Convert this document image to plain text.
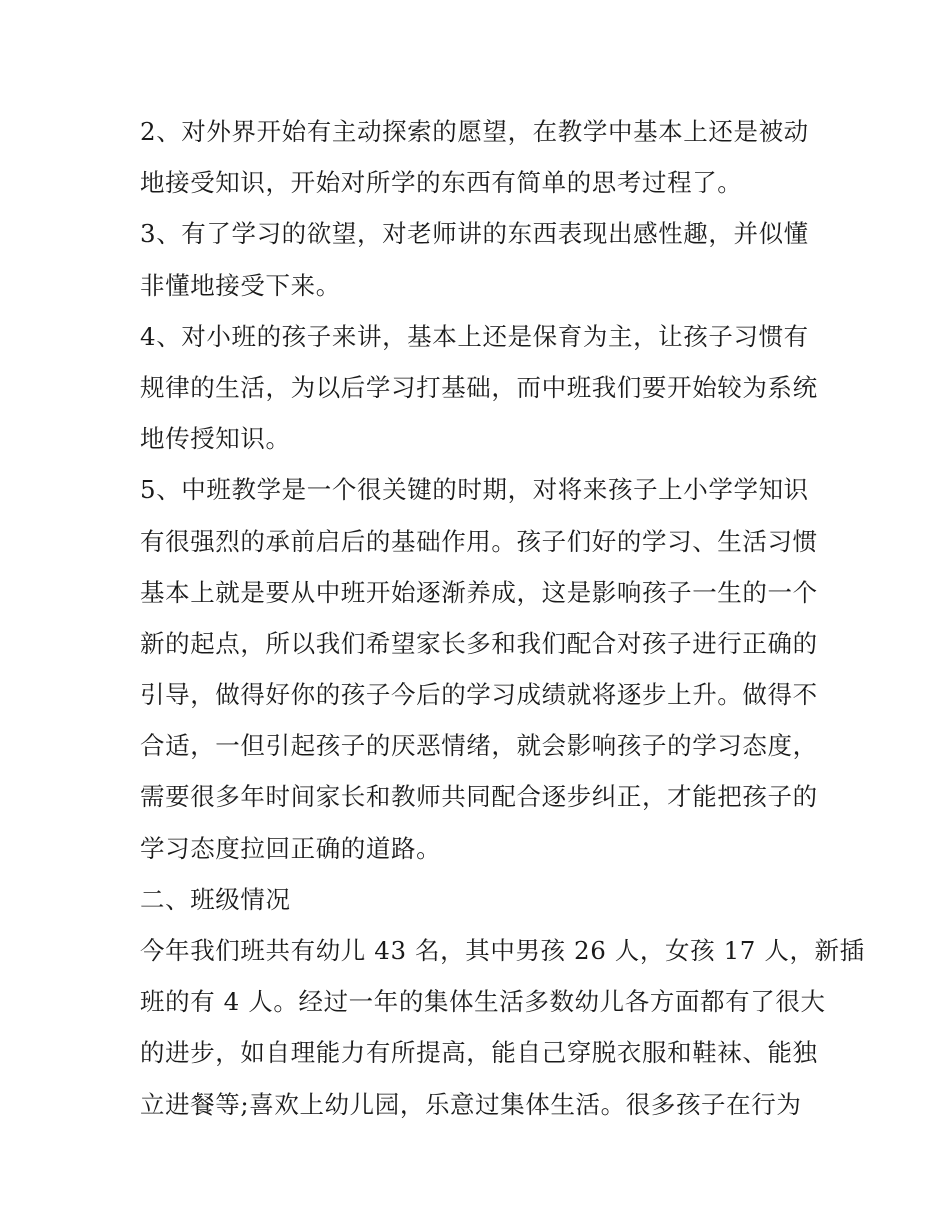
2、对外界开始有主动探索的愿望，在教学中基本上还是被动
地接受知识，开始对所学的东西有简单的思考过程了。

3、有了学习的欲望，对老师讲的东西表现出感性趣，并似懂
非懂地接受下来。

4、对小班的孩子来讲，基本上还是保育为主，让孩子习惯有
规律的生活，为以后学习打基础，而中班我们要开始较为系统
地传授知识。

5、中班教学是一个很关键的时期，对将来孩子上小学学知识
有很强烈的承前启后的基础作用。孩子们好的学习、生活习惯
基本上就是要从中班开始逐渐养成，这是影响孩子一生的一个
新的起点，所以我们希望家长多和我们配合对孩子进行正确的
引导，做得好你的孩子今后的学习成绩就将逐步上升。做得不
合适，一但引起孩子的厌恶情绪，就会影响孩子的学习态度，
需要很多年时间家长和教师共同配合逐步纠正，才能把孩子的
学习态度拉回正确的道路。

二、班级情况

今年我们班共有幼儿 43 名，其中男孩 26 人，女孩 17 人，新插
班的有 4 人。经过一年的集体生活多数幼儿各方面都有了很大
的进步，如自理能力有所提高，能自己穿脱衣服和鞋袜、能独
立进餐等;喜欢上幼儿园，乐意过集体生活。很多孩子在行为
